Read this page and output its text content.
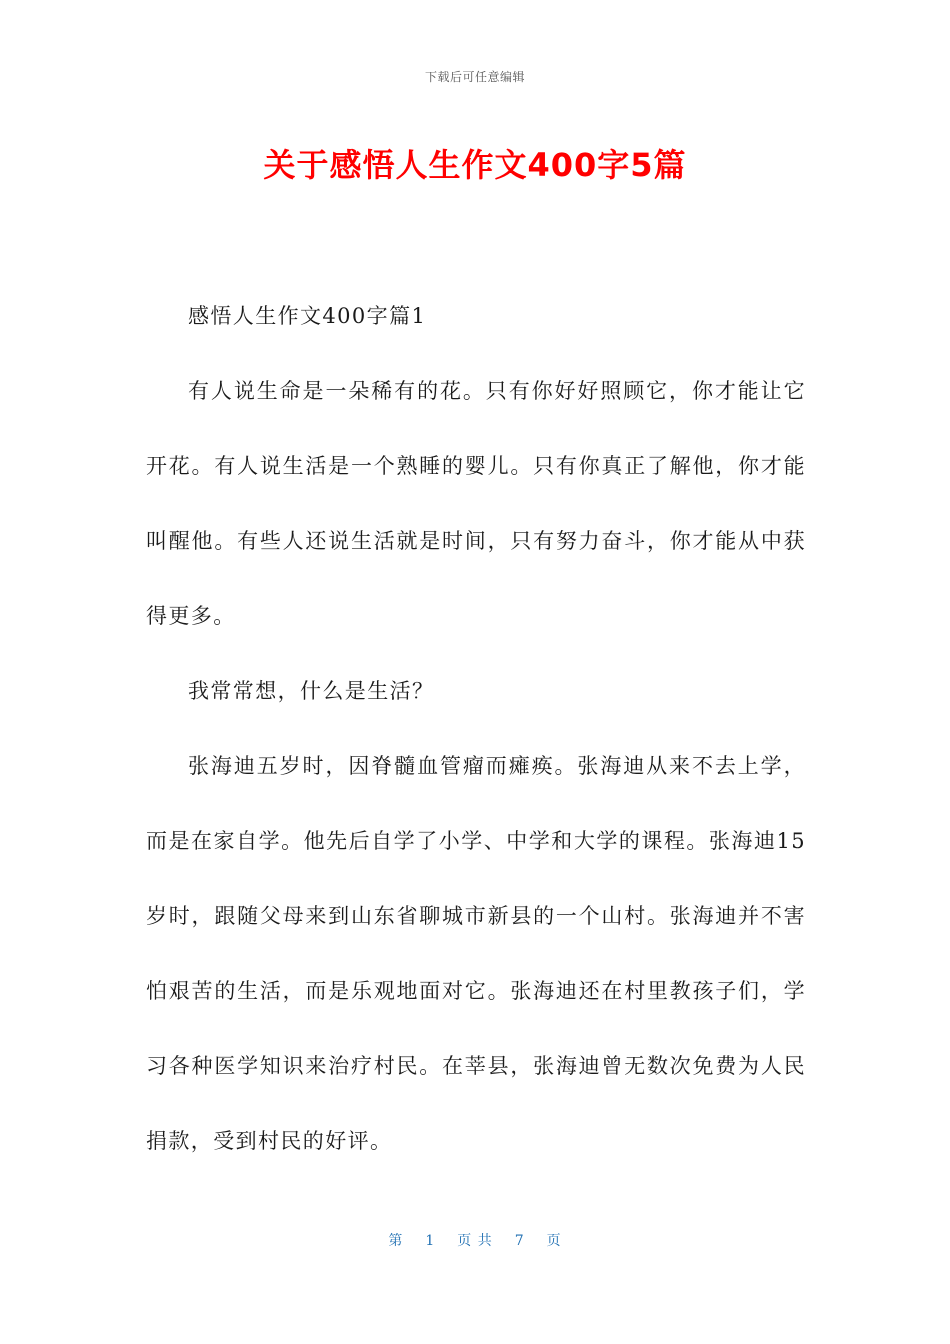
下载后可任意编辑
关于感悟人生作文400字5篇

感悟人生作文400字篇1

有人说生命是一朵稀有的花。只有你好好照顾它，你才能让它开花。有人说生活是一个熟睡的婴儿。只有你真正了解他，你才能叫醒他。有些人还说生活就是时间，只有努力奋斗，你才能从中获得更多。

我常常想，什么是生活？

张海迪五岁时，因脊髓血管瘤而瘫痪。张海迪从来不去上学，而是在家自学。他先后自学了小学、中学和大学的课程。张海迪15岁时，跟随父母来到山东省聊城市新县的一个山村。张海迪并不害怕艰苦的生活，而是乐观地面对它。张海迪还在村里教孩子们，学习各种医学知识来治疗村民。在莘县，张海迪曾无数次免费为人民捐款，受到村民的好评。

第 1 页 共 7 页
